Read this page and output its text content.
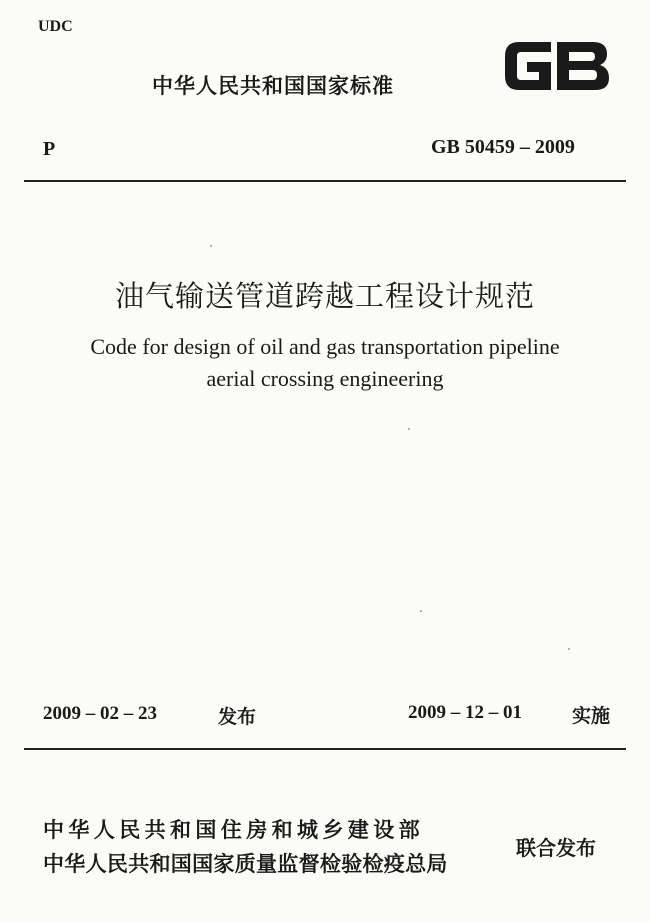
UDC
中华人民共和国国家标准
P	GB 50459 – 2009
油气输送管道跨越工程设计规范
Code for design of oil and gas transportation pipeline
aerial crossing engineering
2009 – 02 – 23	发布	2009 – 12 – 01	实施
中华人民共和国住房和城乡建设部
中华人民共和国国家质量监督检验检疫总局
联合发布
